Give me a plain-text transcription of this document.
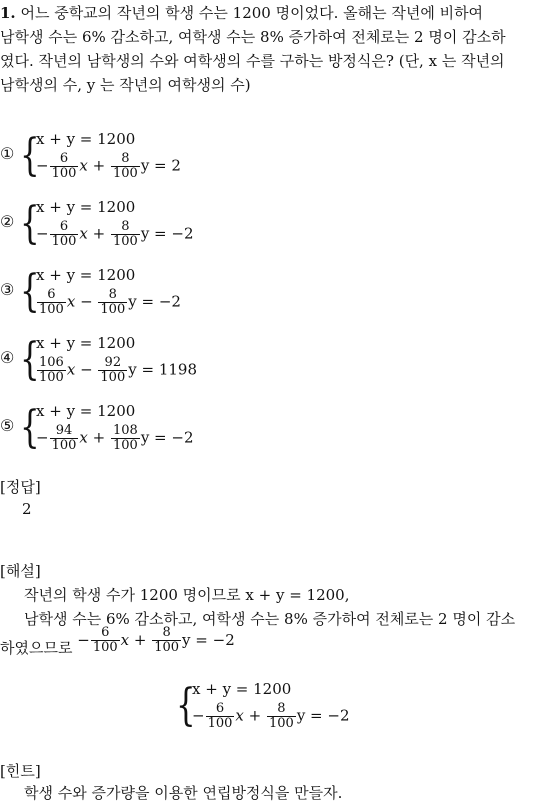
1. 어느 중학교의 작년의 학생 수는 1200 명이었다. 올해는 작년에 비하여
남학생 수는 6% 감소하고, 여학생 수는 8% 증가하여 전체로는 2 명이 감소하
였다. 작년의 남학생의 수와 여학생의 수를 구하는 방정식은? (단, x 는 작년의
남학생의 수, y 는 작년의 여학생의 수)
① {
x + y = 1200
− $\frac{6}{100}$ $x + \frac{8}{100}$ y = 2
② {
x + y = 1200
− $\frac{6}{100}$ $x + \frac{8}{100}$ y = −2
③ {
x + y = 1200
$\frac{6}{100}$ $x - \frac{8}{100}$ y = −2
④ {
x + y = 1200
$\frac{106}{100}$ $x - \frac{92}{100}$ y = 1198
⑤ {
x + y = 1200
− $\frac{94}{100}$ $x + \frac{108}{100}$ y = −2
[정답]
2
[해설]
작년의 학생 수가 1200 명이므로 x + y = 1200,
남학생 수는 6% 감소하고, 여학생 수는 8% 증가하여 전체로는 2 명이 감소
하였으므로 − $\frac{6}{100}$ $x + \frac{8}{100}$ y = −2
{
x + y = 1200
− $\frac{6}{100}$ $x + \frac{8}{100}$ y = −2
[힌트]
학생 수와 증가량을 이용한 연립방정식을 만들자.
